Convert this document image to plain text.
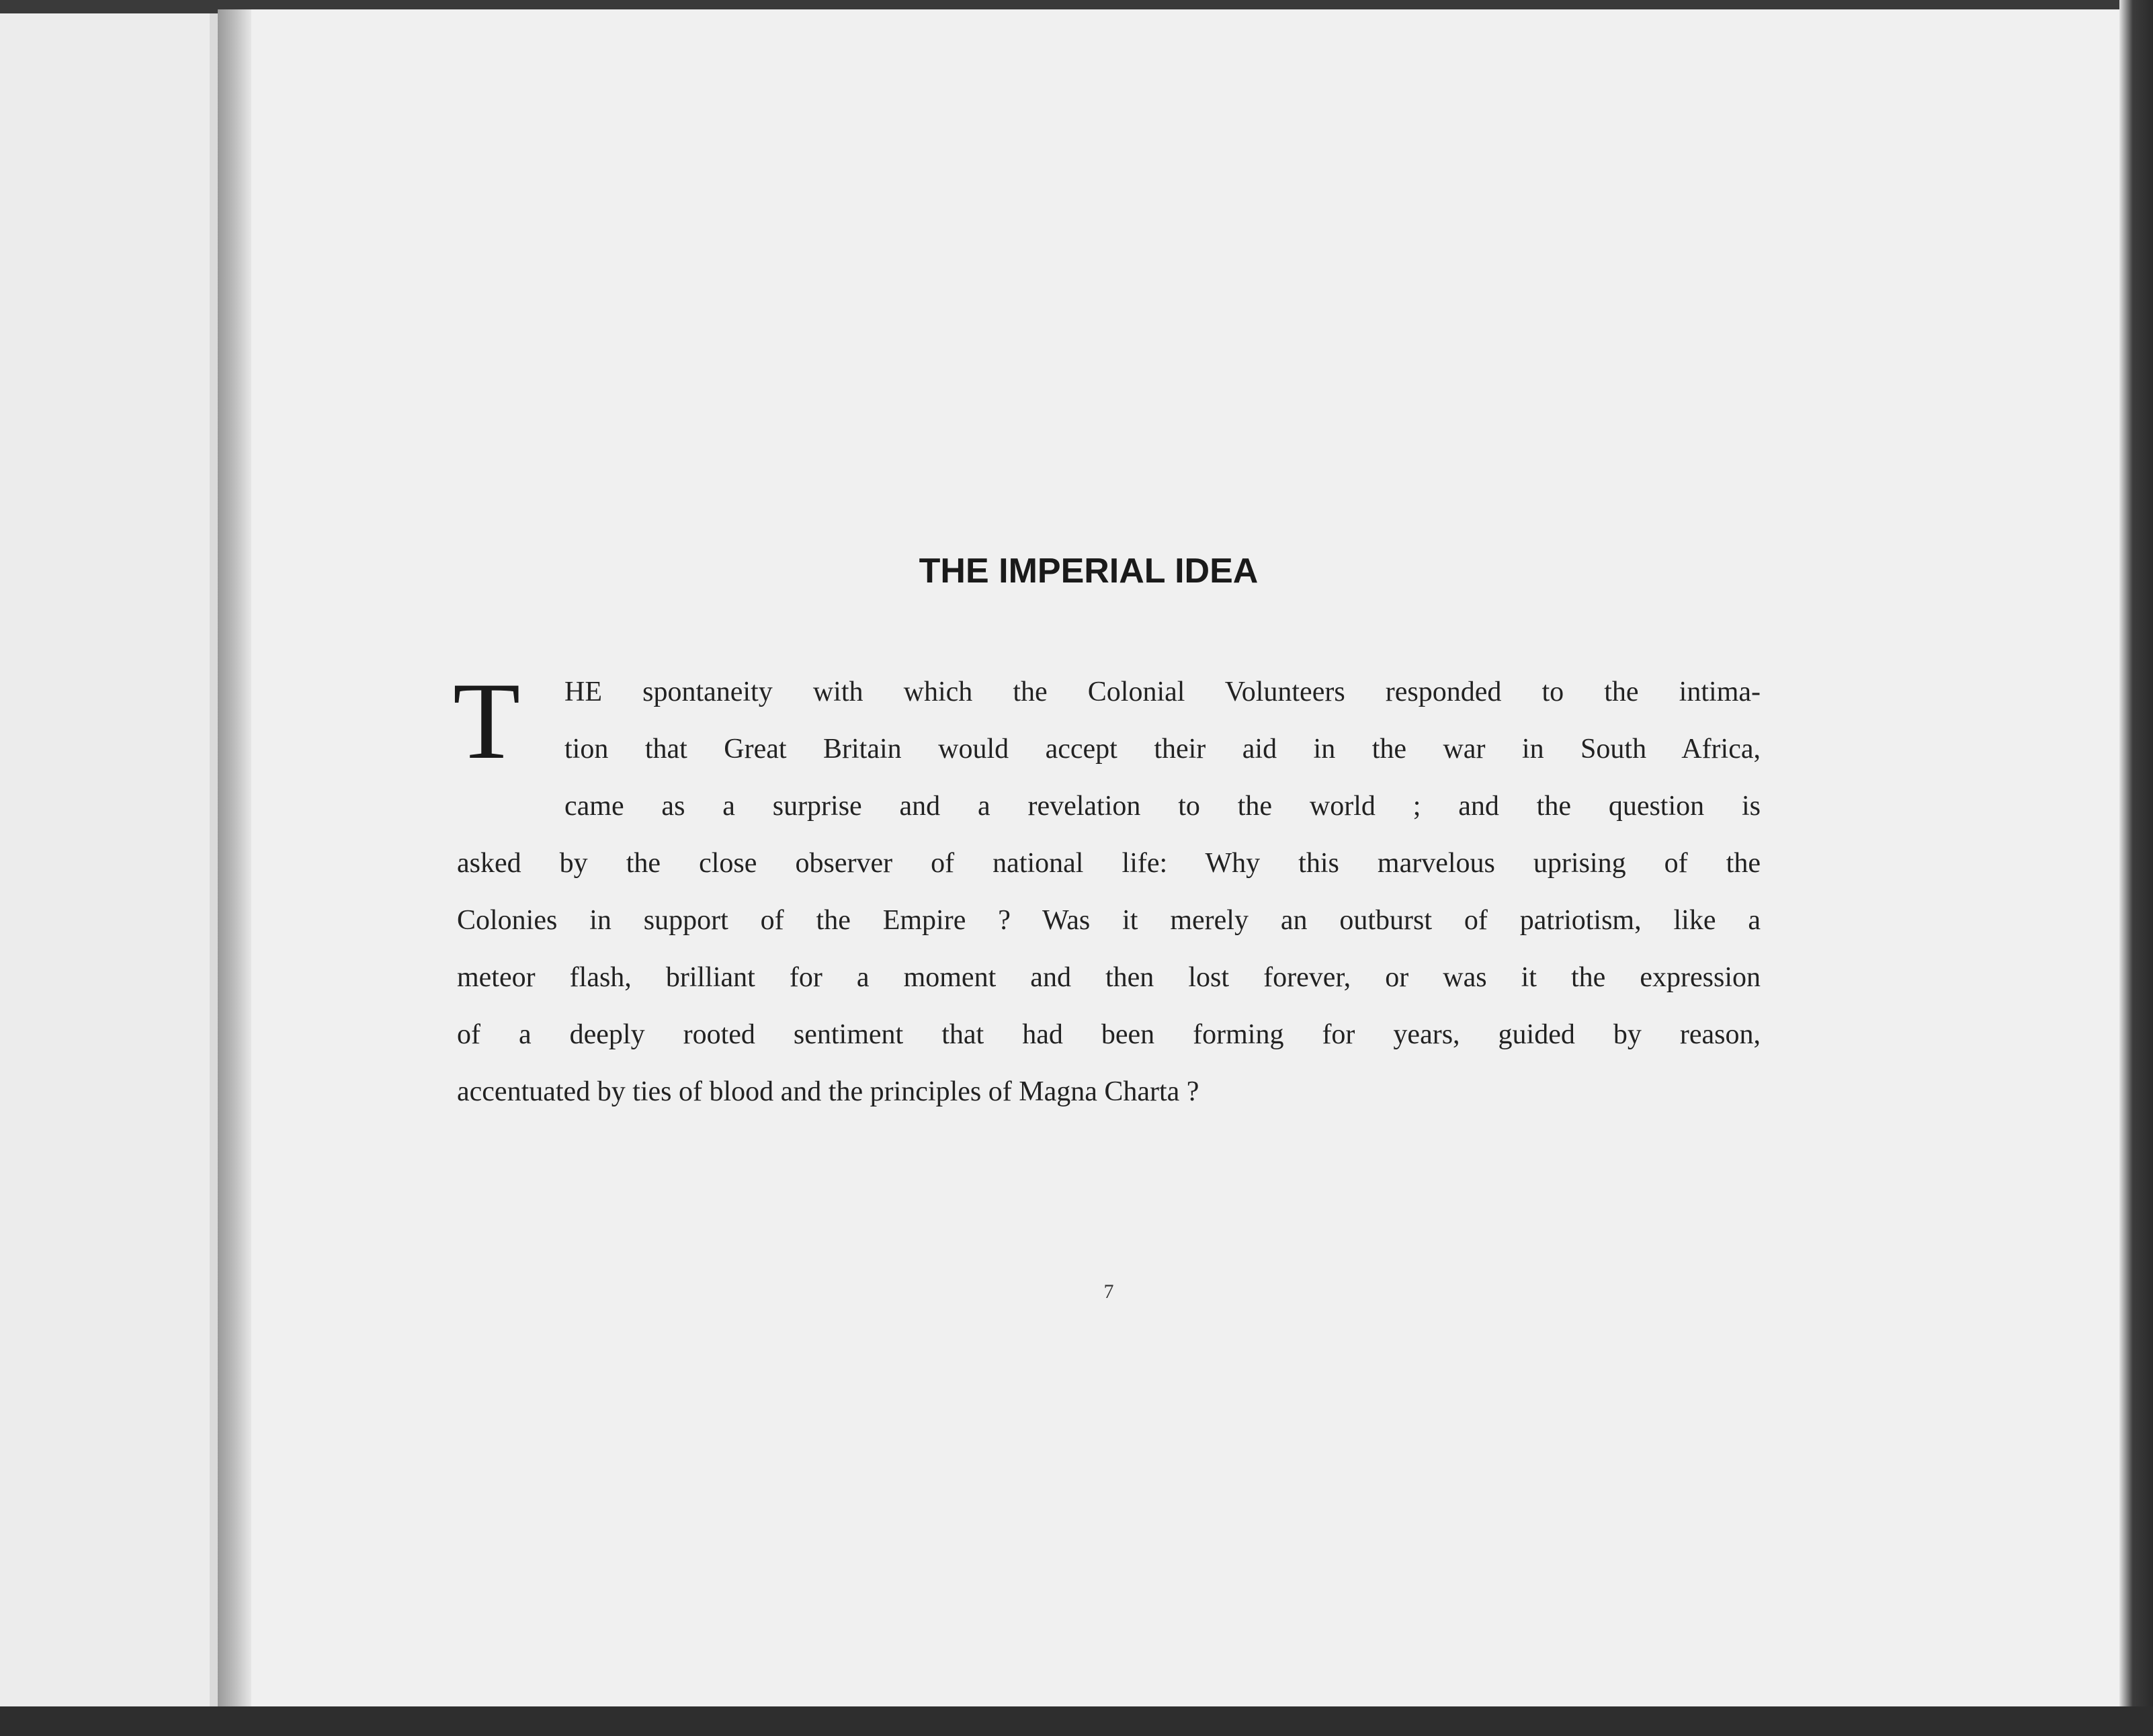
THE IMPERIAL IDEA
T HE spontaneity with which the Colonial Volunteers responded to the intima-
tion that Great Britain would accept their aid in the war in South Africa,
came as a surprise and a revelation to the world ; and the question is
asked by the close observer of national life: Why this marvelous uprising of the
Colonies in support of the Empire ? Was it merely an outburst of patriotism, like a
meteor flash, brilliant for a moment and then lost forever, or was it the expression
of a deeply rooted sentiment that had been forming for years, guided by reason,
accentuated by ties of blood and the principles of Magna Charta ?
7
